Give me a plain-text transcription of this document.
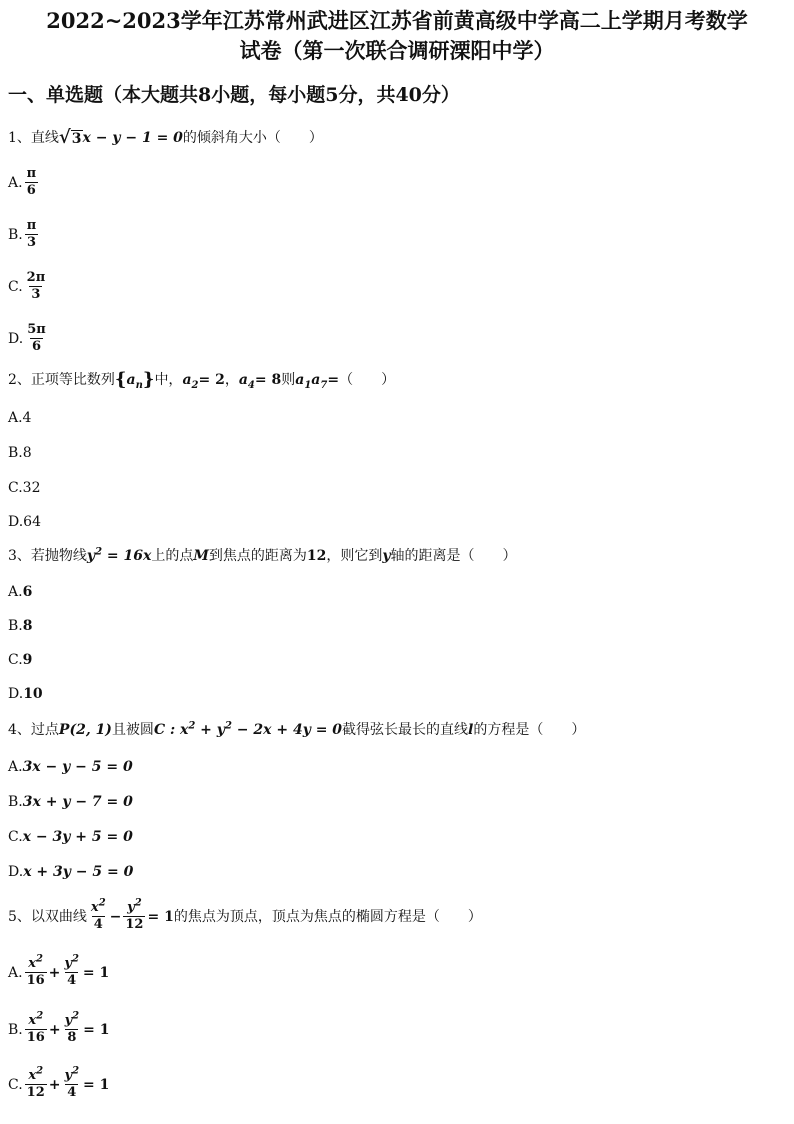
2022~2023学年江苏常州武进区江苏省前黄高级中学高二上学期月考数学
试卷（第一次联合调研溧阳中学）
一、单选题（本大题共8小题，每小题5分，共40分）
1、直线 √ 3 x − y − 1 = 0 的倾斜角大小（　　）
A. $\frac{\pi}{6}$
B. $\frac{\pi}{3}$
C. $\frac{2\pi}{3}$
D. $\frac{5\pi}{6}$
2、正项等比数列 { $a_n$ } 中， $a_2 = 2$ ， $a_4 = 8$ 则 $a_1$ $a_7$ = （　　）
A.4
B.8
C.32
D.64
3、若抛物线 $y^2 = 16x$ 上的点 M 到焦点的距离为 12 ，则它到 y 轴的距离是（　　）
A. 6
B. 8
C. 9
D. 10
4、过点 P(2, 1) 且被圆 C : $x^2 + y^2 - 2x + 4y = 0$ 截得弦长最长的直线 l 的方程是（　　）
A. 3x − y − 5 = 0
B. 3x + y − 7 = 0
C. x − 3y + 5 = 0
D. x + 3y − 5 = 0
5、以双曲线 $\frac{x^2}{4} - \frac{y^2}{12} = 1$ 的焦点为顶点，顶点为焦点的椭圆方程是（　　）
A. $\frac{x^2}{16} + \frac{y^2}{4} = 1$
B. $\frac{x^2}{16} + \frac{y^2}{8} = 1$
C. $\frac{x^2}{12} + \frac{y^2}{4} = 1$
